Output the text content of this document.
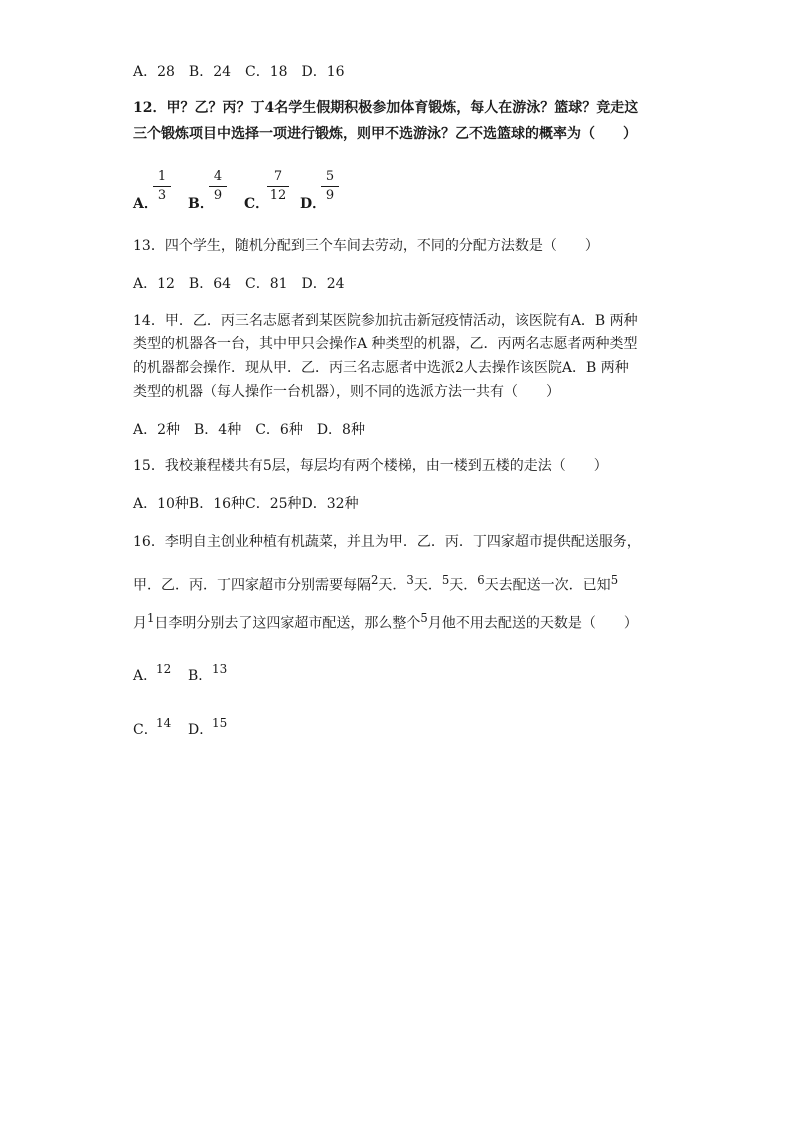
A．28　B．24　C．18　D．16
12．甲？乙？丙？丁4名学生假期积极参加体育锻炼，每人在游泳？篮球？竞走这
三个锻炼项目中选择一项进行锻炼，则甲不选游泳？乙不选篮球的概率为（　　）
A．
1
3
B．
4
9
C．
7
12
D．
5
9
13．四个学生，随机分配到三个车间去劳动，不同的分配方法数是（　　）
A．12　B．64　C．81　D．24
14．甲．乙．丙三名志愿者到某医院参加抗击新冠疫情活动，该医院有A．B 两种
类型的机器各一台，其中甲只会操作A 种类型的机器，乙．丙两名志愿者两种类型
的机器都会操作．现从甲．乙．丙三名志愿者中选派2人去操作该医院A．B 两种
类型的机器（每人操作一台机器），则不同的选派方法一共有（　　）
A．2种　B．4种　C．6种　D．8种
15．我校兼程楼共有5层，每层均有两个楼梯，由一楼到五楼的走法（　　）
A．10种B．16种C．25种D．32种
16．李明自主创业种植有机蔬菜，并且为甲．乙．丙．丁四家超市提供配送服务，
甲．乙．丙．丁四家超市分别需要每隔$^2$天．$^3$天．$^5$天．$^6$天去配送一次．已知$^5$
月$^1$日李明分别去了这四家超市配送，那么整个$^5$月他不用去配送的天数是（　　）
A．
12 B． 13
C．
14 D．
15
